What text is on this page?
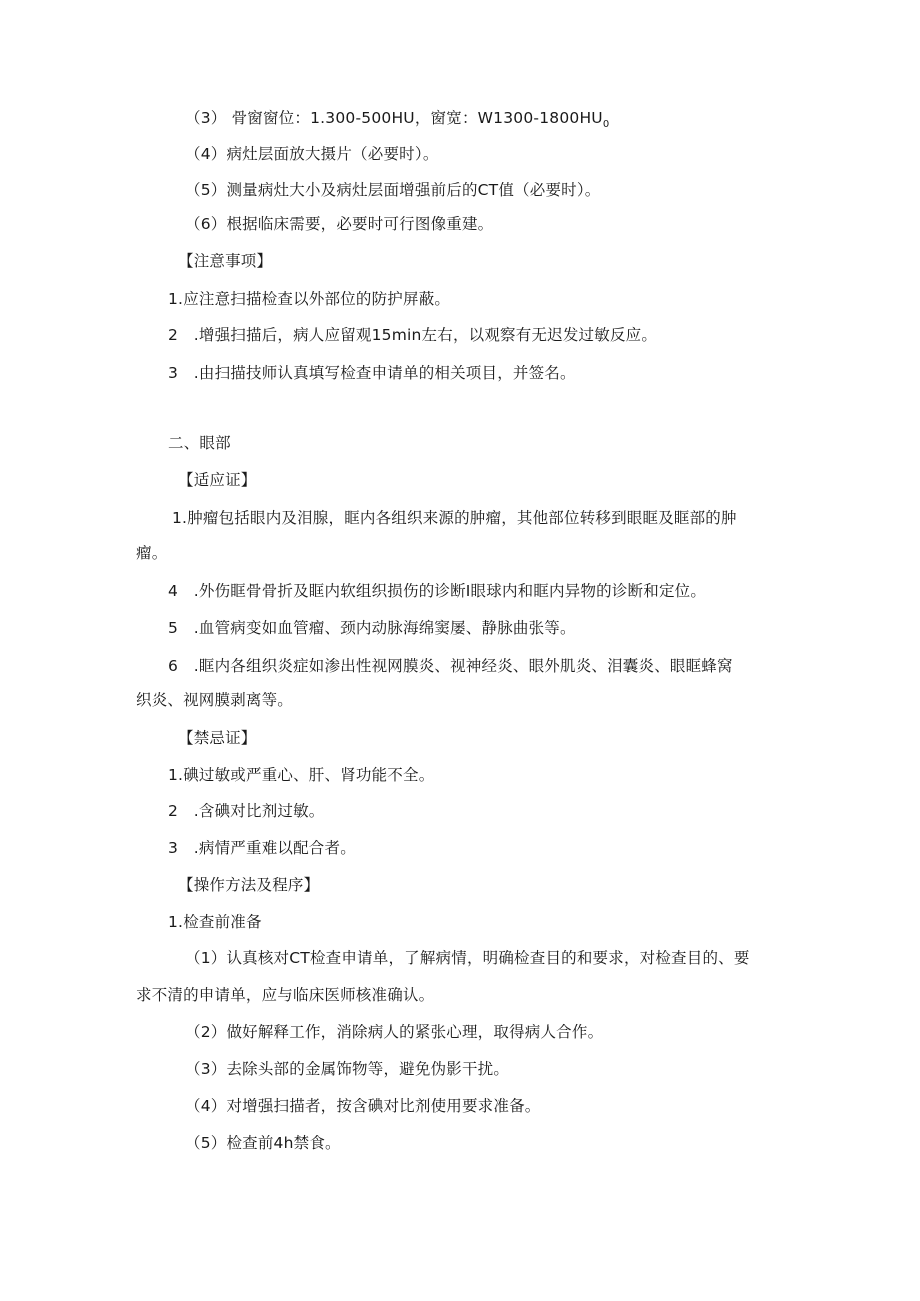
（3） 骨窗窗位：1.300-500HU，窗宽：$W1300-1800HU_0$
（4）病灶层面放大摄片（必要时）。
（5）测量病灶大小及病灶层面增强前后的CT值（必要时）。
（6）根据临床需要，必要时可行图像重建。
【注意事项】
1.应注意扫描检查以外部位的防护屏蔽。
2　.增强扫描后，病人应留观15min左右，以观察有无迟发过敏反应。
3　.由扫描技师认真填写检查申请单的相关项目，并签名。
二、眼部
【适应证】
1.肿瘤包括眼内及泪腺，眶内各组织来源的肿瘤，其他部位转移到眼眶及眶部的肿
瘤。
4　.外伤眶骨骨折及眶内软组织损伤的诊断I眼球内和眶内异物的诊断和定位。
5　.血管病变如血管瘤、颈内动脉海绵窦屡、静脉曲张等。
6　.眶内各组织炎症如渗出性视网膜炎、视神经炎、眼外肌炎、泪囊炎、眼眶蜂窝
织炎、视网膜剥离等。
【禁忌证】
1.碘过敏或严重心、肝、肾功能不全。
2　.含碘对比剂过敏。
3　.病情严重难以配合者。
【操作方法及程序】
1.检查前准备
（1）认真核对CT检查申请单，了解病情，明确检查目的和要求，对检查目的、要
求不清的申请单，应与临床医师核准确认。
（2）做好解释工作，消除病人的紧张心理，取得病人合作。
（3）去除头部的金属饰物等，避免伪影干扰。
（4）对增强扫描者，按含碘对比剂使用要求准备。
（5）检查前4h禁食。
